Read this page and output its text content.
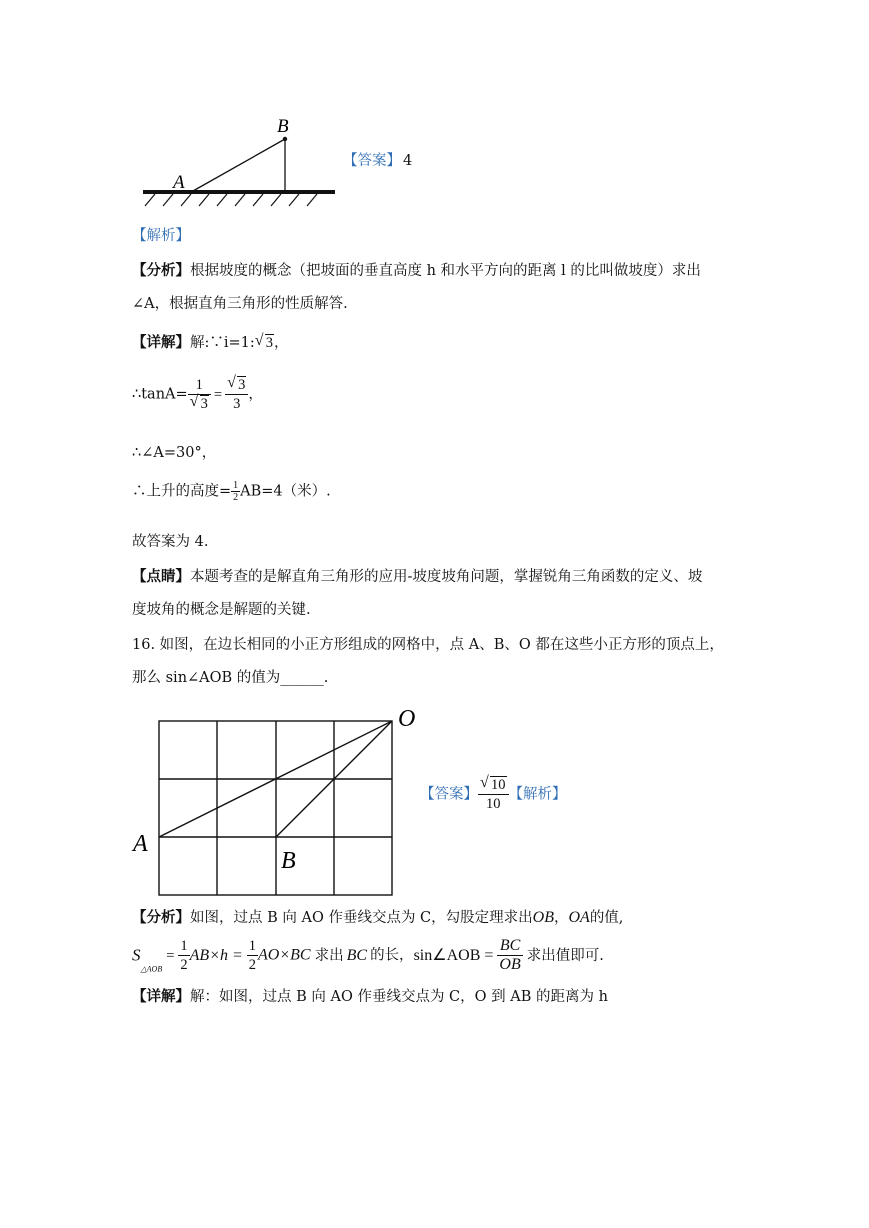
B
A
【答案】 4
【解析】
【分析】根据坡度的概念（把坡面的垂直高度 h 和水平方向的距离 l 的比叫做坡度）求出
∠A，根据直角三角形的性质解答.
【详解】解:∵i=1: √ 3，
∴tanA= $\frac{1}{√ 3} = \frac{√ 3}{3}$ ，
∴∠A=30°，
∴上升的高度= $\frac{1}{2} AB=4$（米）.
故答案为 4.
【点睛】本题考查的是解直角三角形的应用-坡度坡角问题，掌握锐角三角函数的定义、坡
度坡角的概念是解题的关键.
16. 如图，在边长相同的小正方形组成的网格中，点 A、B、O 都在这些小正方形的顶点上，
那么 sin∠AOB 的值为______.
O
A
B
【答案】 $\frac{√ 10}{10}$ 【解析】
【分析】如图，过点 B 向 AO 作垂线交点为 C，勾股定理求出OB，OA的值,
$S_{\triangle AOB}= \frac{1}{2} AB\times h = \frac{1}{2} AO\times BC$ 求出 BC 的长，sin∠AOB = $\frac{BC}{OB}$ 求出值即可.
【详解】解：如图，过点 B 向 AO 作垂线交点为 C，O 到 AB 的距离为 h
